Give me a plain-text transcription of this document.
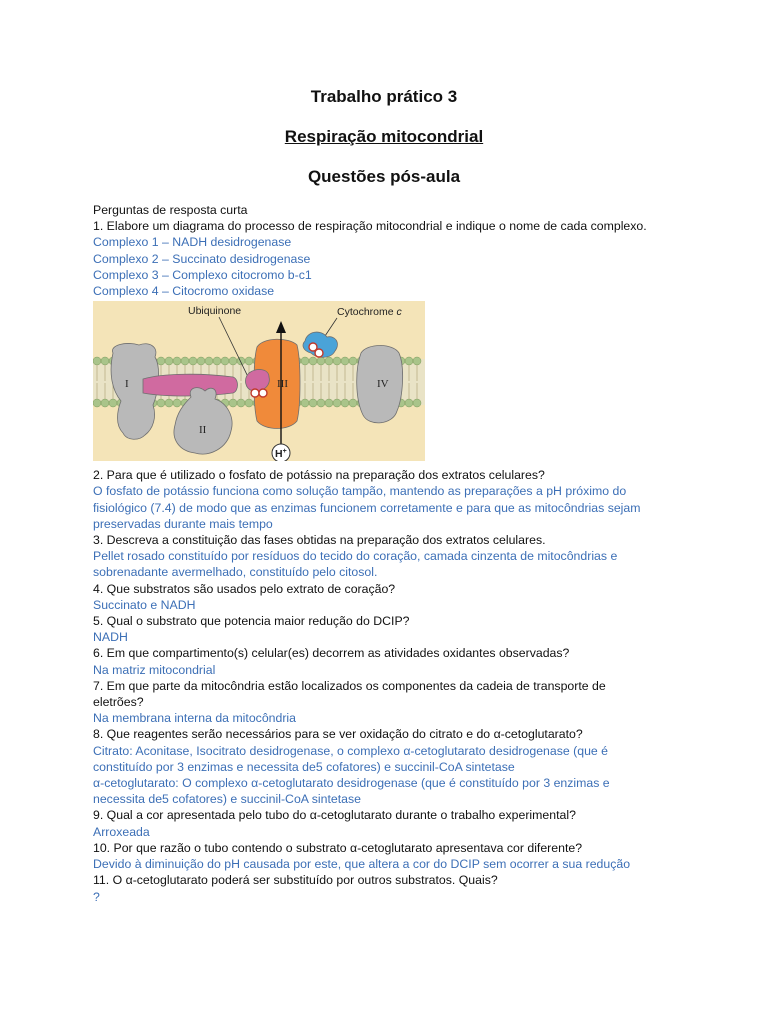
Trabalho prático 3

Respiração mitocondrial

Questões pós-aula

Perguntas de resposta curta

1. Elabore um diagrama do processo de respiração mitocondrial e indique o nome de cada complexo.

Complexo 1 – NADH desidrogenase

Complexo 2 – Succinato desidrogenase

Complexo 3 – Complexo citocromo b-c1

Complexo 4 – Citocromo oxidase

Ubiquinone	Cytochrome c
I
II
III
H+
IV

2. Para que é utilizado o fosfato de potássio na preparação dos extratos celulares?

O fosfato de potássio funciona como solução tampão, mantendo as preparações a pH próximo do

fisiológico (7.4) de modo que as enzimas funcionem corretamente e para que as mitocôndrias sejam

preservadas durante mais tempo

3. Descreva a constituição das fases obtidas na preparação dos extratos celulares.

Pellet rosado constituído por resíduos do tecido do coração, camada cinzenta de mitocôndrias e

sobrenadante avermelhado, constituído pelo citosol.

4. Que substratos são usados pelo extrato de coração?

Succinato e NADH

5. Qual o substrato que potencia maior redução do DCIP?

NADH

6. Em que compartimento(s) celular(es) decorrem as atividades oxidantes observadas?

Na matriz mitocondrial

7. Em que parte da mitocôndria estão localizados os componentes da cadeia de transporte de

eletrões?

Na membrana interna da mitocôndria

8. Que reagentes serão necessários para se ver oxidação do citrato e do α-cetoglutarato?

Citrato: Aconitase, Isocitrato desidrogenase, o complexo α-cetoglutarato desidrogenase (que é

constituído por 3 enzimas e necessita de5 cofatores) e succinil-CoA sintetase

α-cetoglutarato: O complexo α-cetoglutarato desidrogenase (que é constituído por 3 enzimas e

necessita de5 cofatores) e succinil-CoA sintetase

9. Qual a cor apresentada pelo tubo do α-cetoglutarato durante o trabalho experimental?

Arroxeada

10. Por que razão o tubo contendo o substrato α-cetoglutarato apresentava cor diferente?

Devido à diminuição do pH causada por este, que altera a cor do DCIP sem ocorrer a sua redução

11. O α-cetoglutarato poderá ser substituído por outros substratos. Quais?

?
